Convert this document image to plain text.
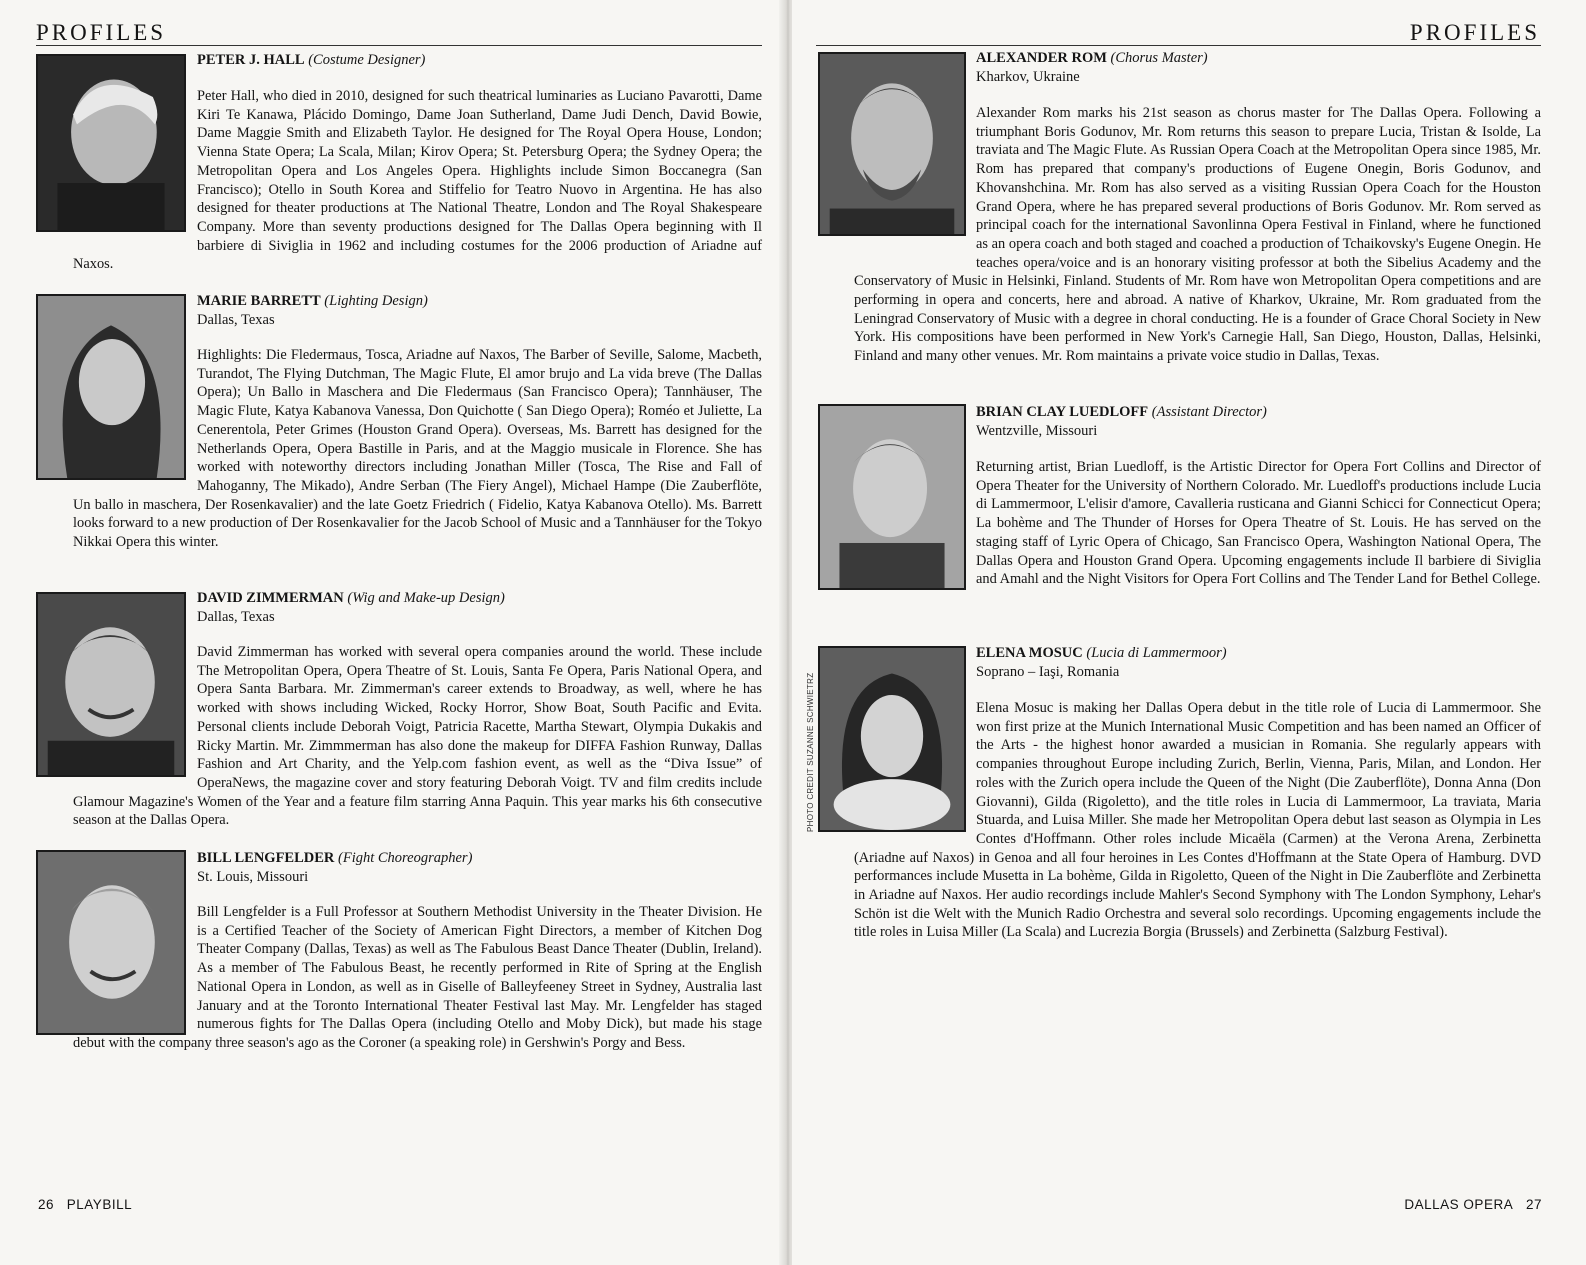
PROFILES
PETER J. HALL (Costume Designer)

Peter Hall, who died in 2010, designed for such theatrical luminaries as Luciano Pavarotti, Dame Kiri Te Kanawa, Plácido Domingo, Dame Joan Sutherland, Dame Judi Dench, David Bowie, Dame Maggie Smith and Elizabeth Taylor. He designed for The Royal Opera House, London; Vienna State Opera; La Scala, Milan; Kirov Opera; St. Petersburg Opera; the Sydney Opera; the Metropolitan Opera and Los Angeles Opera. Highlights include Simon Boccanegra (San Francisco); Otello in South Korea and Stiffelio for Teatro Nuovo in Argentina. He has also designed for theater productions at The National Theatre, London and The Royal Shakespeare Company. More than seventy productions designed for The Dallas Opera beginning with Il barbiere di Siviglia in 1962 and including costumes for the 2006 production of Ariadne auf Naxos.

MARIE BARRETT (Lighting Design)
Dallas, Texas

Highlights: Die Fledermaus, Tosca, Ariadne auf Naxos, The Barber of Seville, Salome, Macbeth, Turandot, The Flying Dutchman, The Magic Flute, El amor brujo and La vida breve (The Dallas Opera); Un Ballo in Maschera and Die Fledermaus (San Francisco Opera); Tannhäuser, The Magic Flute, Katya Kabanova Vanessa, Don Quichotte ( San Diego Opera); Roméo et Juliette, La Cenerentola, Peter Grimes (Houston Grand Opera). Overseas, Ms. Barrett has designed for the Netherlands Opera, Opera Bastille in Paris, and at the Maggio musicale in Florence. She has worked with noteworthy directors including Jonathan Miller (Tosca, The Rise and Fall of Mahoganny, The Mikado), Andre Serban (The Fiery Angel), Michael Hampe (Die Zauberflöte, Un ballo in maschera, Der Rosenkavalier) and the late Goetz Friedrich ( Fidelio, Katya Kabanova Otello). Ms. Barrett looks forward to a new production of Der Rosenkavalier for the Jacob School of Music and a Tannhäuser for the Tokyo Nikkai Opera this winter.

DAVID ZIMMERMAN (Wig and Make-up Design)
Dallas, Texas

David Zimmerman has worked with several opera companies around the world. These include The Metropolitan Opera, Opera Theatre of St. Louis, Santa Fe Opera, Paris National Opera, and Opera Santa Barbara. Mr. Zimmerman's career extends to Broadway, as well, where he has worked with shows including Wicked, Rocky Horror, Show Boat, South Pacific and Evita. Personal clients include Deborah Voigt, Patricia Racette, Martha Stewart, Olympia Dukakis and Ricky Martin. Mr. Zimmmerman has also done the makeup for DIFFA Fashion Runway, Dallas Fashion and Art Charity, and the Yelp.com fashion event, as well as the “Diva Issue” of OperaNews, the magazine cover and story featuring Deborah Voigt. TV and film credits include Glamour Magazine's Women of the Year and a feature film starring Anna Paquin. This year marks his 6th consecutive season at the Dallas Opera.

BILL LENGFELDER (Fight Choreographer)
St. Louis, Missouri

Bill Lengfelder is a Full Professor at Southern Methodist University in the Theater Division. He is a Certified Teacher of the Society of American Fight Directors, a member of Kitchen Dog Theater Company (Dallas, Texas) as well as The Fabulous Beast Dance Theater (Dublin, Ireland). As a member of The Fabulous Beast, he recently performed in Rite of Spring at the English National Opera in London, as well as in Giselle of Balleyfeeney Street in Sydney, Australia last January and at the Toronto International Theater Festival last May. Mr. Lengfelder has staged numerous fights for The Dallas Opera (including Otello and Moby Dick), but made his stage debut with the company three season's ago as the Coroner (a speaking role) in Gershwin's Porgy and Bess.

26 PLAYBILL
PROFILES
ALEXANDER ROM (Chorus Master)
Kharkov, Ukraine

Alexander Rom marks his 21st season as chorus master for The Dallas Opera. Following a triumphant Boris Godunov, Mr. Rom returns this season to prepare Lucia, Tristan & Isolde, La traviata and The Magic Flute. As Russian Opera Coach at the Metropolitan Opera since 1985, Mr. Rom has prepared that company's productions of Eugene Onegin, Boris Godunov, and Khovanshchina. Mr. Rom has also served as a visiting Russian Opera Coach for the Houston Grand Opera, where he has prepared several productions of Boris Godunov. Mr. Rom served as principal coach for the international Savonlinna Opera Festival in Finland, where he functioned as an opera coach and both staged and coached a production of Tchaikovsky's Eugene Onegin. He teaches opera/voice and is an honorary visiting professor at both the Sibelius Academy and the Conservatory of Music in Helsinki, Finland. Students of Mr. Rom have won Metropolitan Opera competitions and are performing in opera and concerts, here and abroad. A native of Kharkov, Ukraine, Mr. Rom graduated from the Leningrad Conservatory of Music with a degree in choral conducting. He is a founder of Grace Choral Society in New York. His compositions have been performed in New York's Carnegie Hall, San Diego, Houston, Dallas, Helsinki, Finland and many other venues. Mr. Rom maintains a private voice studio in Dallas, Texas.

BRIAN CLAY LUEDLOFF (Assistant Director)
Wentzville, Missouri

Returning artist, Brian Luedloff, is the Artistic Director for Opera Fort Collins and Director of Opera Theater for the University of Northern Colorado. Mr. Luedloff's productions include Lucia di Lammermoor, L'elisir d'amore, Cavalleria rusticana and Gianni Schicci for Connecticut Opera; La bohème and The Thunder of Horses for Opera Theatre of St. Louis. He has served on the staging staff of Lyric Opera of Chicago, San Francisco Opera, Washington National Opera, The Dallas Opera and Houston Grand Opera. Upcoming engagements include Il barbiere di Siviglia and Amahl and the Night Visitors for Opera Fort Collins and The Tender Land for Bethel College.

PHOTO CREDIT SUZANNE SCHWIETRZ
ELENA MOSUC (Lucia di Lammermoor)
Soprano – Iaşi, Romania

Elena Mosuc is making her Dallas Opera debut in the title role of Lucia di Lammermoor. She won first prize at the Munich International Music Competition and has been named an Officer of the Arts - the highest honor awarded a musician in Romania. She regularly appears with companies throughout Europe including Zurich, Berlin, Vienna, Paris, Milan, and London. Her roles with the Zurich opera include the Queen of the Night (Die Zauberflöte), Donna Anna (Don Giovanni), Gilda (Rigoletto), and the title roles in Lucia di Lammermoor, La traviata, Maria Stuarda, and Luisa Miller. She made her Metropolitan Opera debut last season as Olympia in Les Contes d'Hoffmann. Other roles include Micaëla (Carmen) at the Verona Arena, Zerbinetta (Ariadne auf Naxos) in Genoa and all four heroines in Les Contes d'Hoffmann at the State Opera of Hamburg. DVD performances include Musetta in La bohème, Gilda in Rigoletto, Queen of the Night in Die Zauberflöte and Zerbinetta in Ariadne auf Naxos. Her audio recordings include Mahler's Second Symphony with The London Symphony, Lehar's Schön ist die Welt with the Munich Radio Orchestra and several solo recordings. Upcoming engagements include the title roles in Luisa Miller (La Scala) and Lucrezia Borgia (Brussels) and Zerbinetta (Salzburg Festival).

DALLAS OPERA 27
